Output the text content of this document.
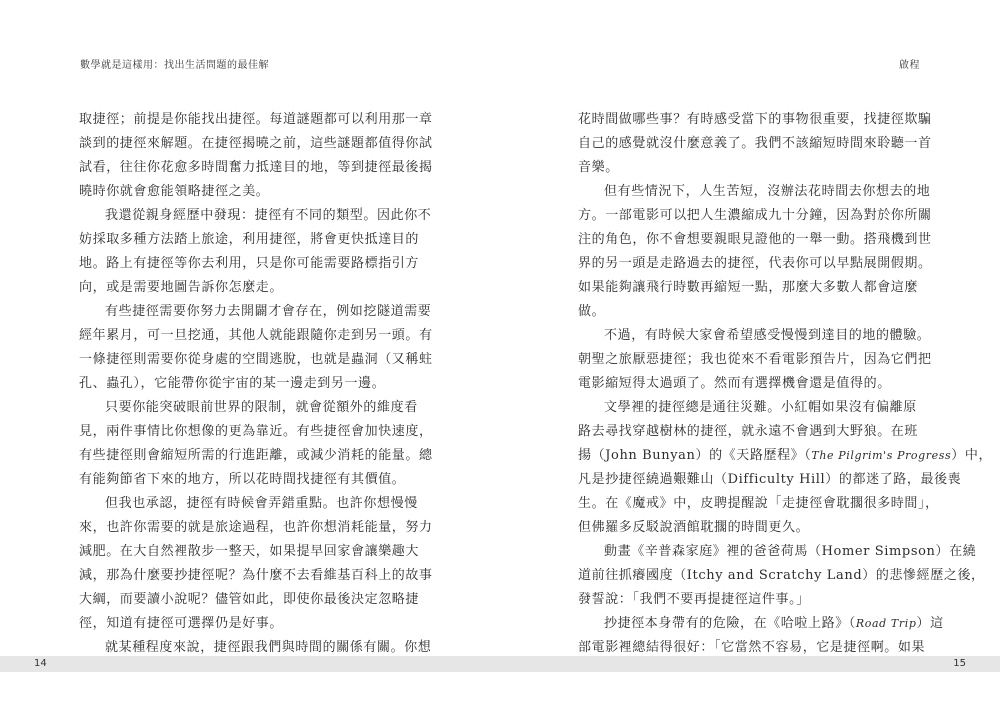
數學就是這樣用：找出生活問題的最佳解
取捷徑；前提是你能找出捷徑。每道謎題都可以利用那一章
談到的捷徑來解題。在捷徑揭曉之前，這些謎題都值得你試
試看，往往你花愈多時間奮力抵達目的地，等到捷徑最後揭
曉時你就會愈能領略捷徑之美。
我還從親身經歷中發現：捷徑有不同的類型。因此你不
妨採取多種方法踏上旅途，利用捷徑，將會更快抵達目的
地。路上有捷徑等你去利用，只是你可能需要路標指引方
向，或是需要地圖告訴你怎麼走。
有些捷徑需要你努力去開闢才會存在，例如挖隧道需要
經年累月，可一旦挖通，其他人就能跟隨你走到另一頭。有
一條捷徑則需要你從身處的空間逃脫，也就是蟲洞（又稱蛀
孔、蟲孔），它能帶你從宇宙的某一邊走到另一邊。
只要你能突破眼前世界的限制，就會從額外的維度看
見，兩件事情比你想像的更為靠近。有些捷徑會加快速度，
有些捷徑則會縮短所需的行進距離，或減少消耗的能量。總
有能夠節省下來的地方，所以花時間找捷徑有其價值。
但我也承認，捷徑有時候會弄錯重點。也許你想慢慢
來，也許你需要的就是旅途過程，也許你想消耗能量，努力
減肥。在大自然裡散步一整天，如果提早回家會讓樂趣大
減，那為什麼要抄捷徑呢？為什麼不去看維基百科上的故事
大綱，而要讀小說呢？儘管如此，即使你最後決定忽略捷
徑，知道有捷徑可選擇仍是好事。
就某種程度來說，捷徑跟我們與時間的關係有關。你想
啟程
花時間做哪些事？有時感受當下的事物很重要，找捷徑欺騙
自己的感覺就沒什麼意義了。我們不該縮短時間來聆聽一首
音樂。
但有些情況下，人生苦短，沒辦法花時間去你想去的地
方。一部電影可以把人生濃縮成九十分鐘，因為對於你所關
注的角色，你不會想要親眼見證他的一舉一動。搭飛機到世
界的另一頭是走路過去的捷徑，代表你可以早點展開假期。
如果能夠讓飛行時數再縮短一點，那麼大多數人都會這麼
做。
不過，有時候大家會希望感受慢慢到達目的地的體驗。
朝聖之旅厭惡捷徑；我也從來不看電影預告片，因為它們把
電影縮短得太過頭了。然而有選擇機會還是值得的。
文學裡的捷徑總是通往災難。小紅帽如果沒有偏離原
路去尋找穿越樹林的捷徑，就永遠不會遇到大野狼。在班
揚（John Bunyan）的《天路歷程》（The Pilgrim's Progress）中，
凡是抄捷徑繞過艱難山（Difficulty Hill）的都迷了路，最後喪
生。在《魔戒》中，皮聘提醒說「走捷徑會耽擱很多時間」，
但佛羅多反駁說酒館耽擱的時間更久。
動畫《辛普森家庭》裡的爸爸荷馬（Homer Simpson）在繞
道前往抓癢國度（Itchy and Scratchy Land）的悲慘經歷之後，
發誓說：「我們不要再提捷徑這件事。」
抄捷徑本身帶有的危險，在《哈啦上路》（Road Trip）這
部電影裡總結得很好：「它當然不容易，它是捷徑啊。如果
14	15
